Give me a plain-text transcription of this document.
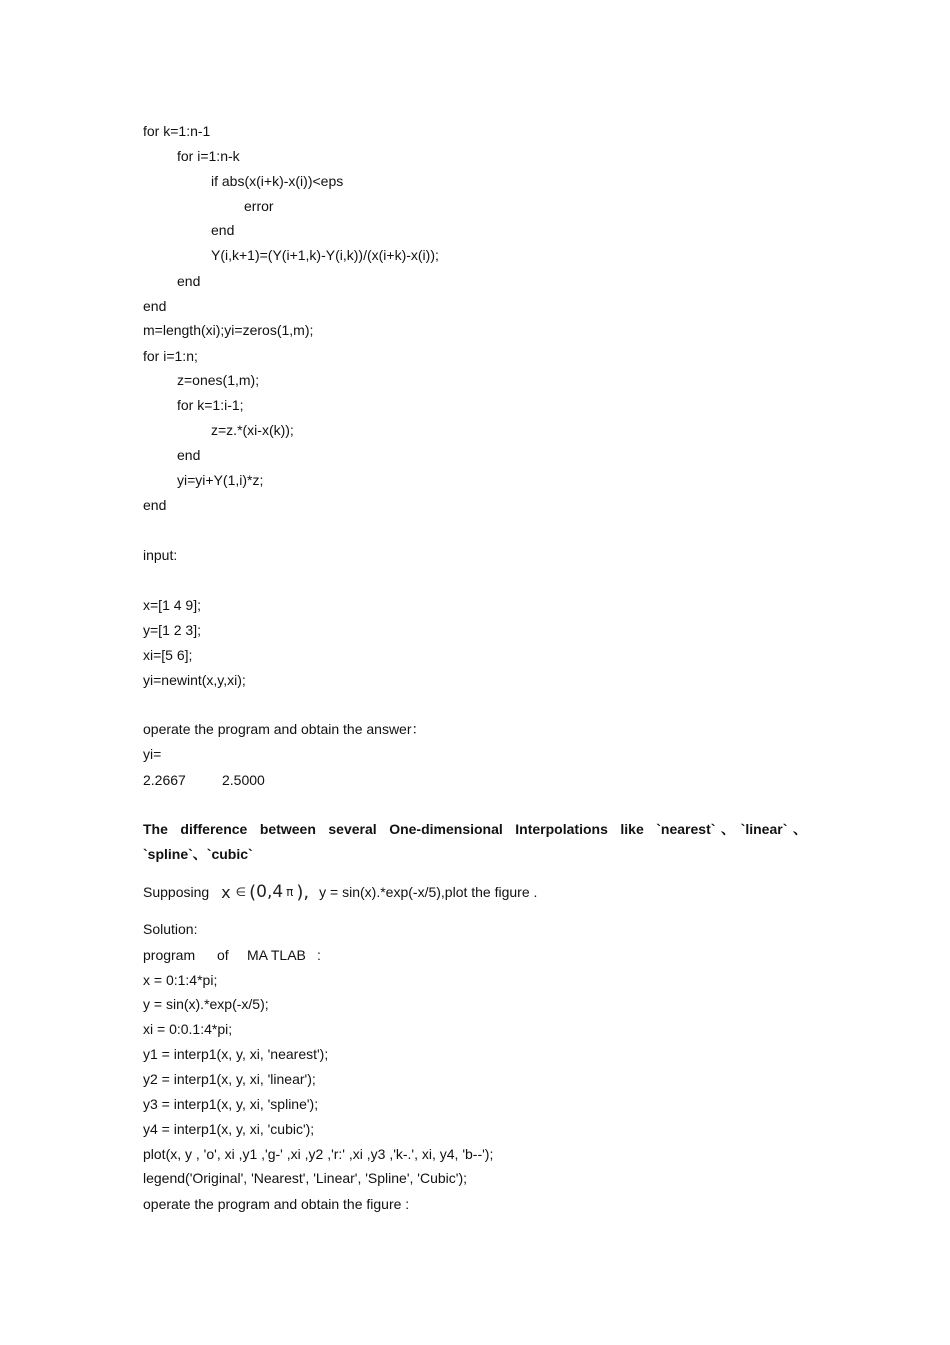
for k=1:n-1
for i=1:n-k
if abs(x(i+k)-x(i))<eps
error
end
Y(i,k+1)=(Y(i+1,k)-Y(i,k))/(x(i+k)-x(i));
end
end
m=length(xi);yi=zeros(1,m);
for i=1:n;
z=ones(1,m);
for k=1:i-1;
z=z.*(xi-x(k));
end
yi=yi+Y(1,i)*z;
end
input:
x=[1 4 9];
y=[1 2 3];
xi=[5 6];
yi=newint(x,y,xi);
operate the program and obtain the answer：
yi=
2.2667	2.5000
The difference between several One-dimensional Interpolations like `nearest`、`linear`、`spline`、`cubic`
Supposing x ∈ ( 0,4 π ), y = sin(x).*exp(-x/5),plot the figure .
Solution:
program of MA TLAB :
x = 0:1:4*pi;
y = sin(x).*exp(-x/5);
xi = 0:0.1:4*pi;
y1 = interp1(x, y, xi, 'nearest');
y2 = interp1(x, y, xi, 'linear');
y3 = interp1(x, y, xi, 'spline');
y4 = interp1(x, y, xi, 'cubic');
plot(x, y , 'o', xi ,y1 ,'g-' ,xi ,y2 ,'r:' ,xi ,y3 ,'k-.', xi, y4, 'b--');
legend('Original', 'Nearest', 'Linear', 'Spline', 'Cubic');
operate the program and obtain the figure :
